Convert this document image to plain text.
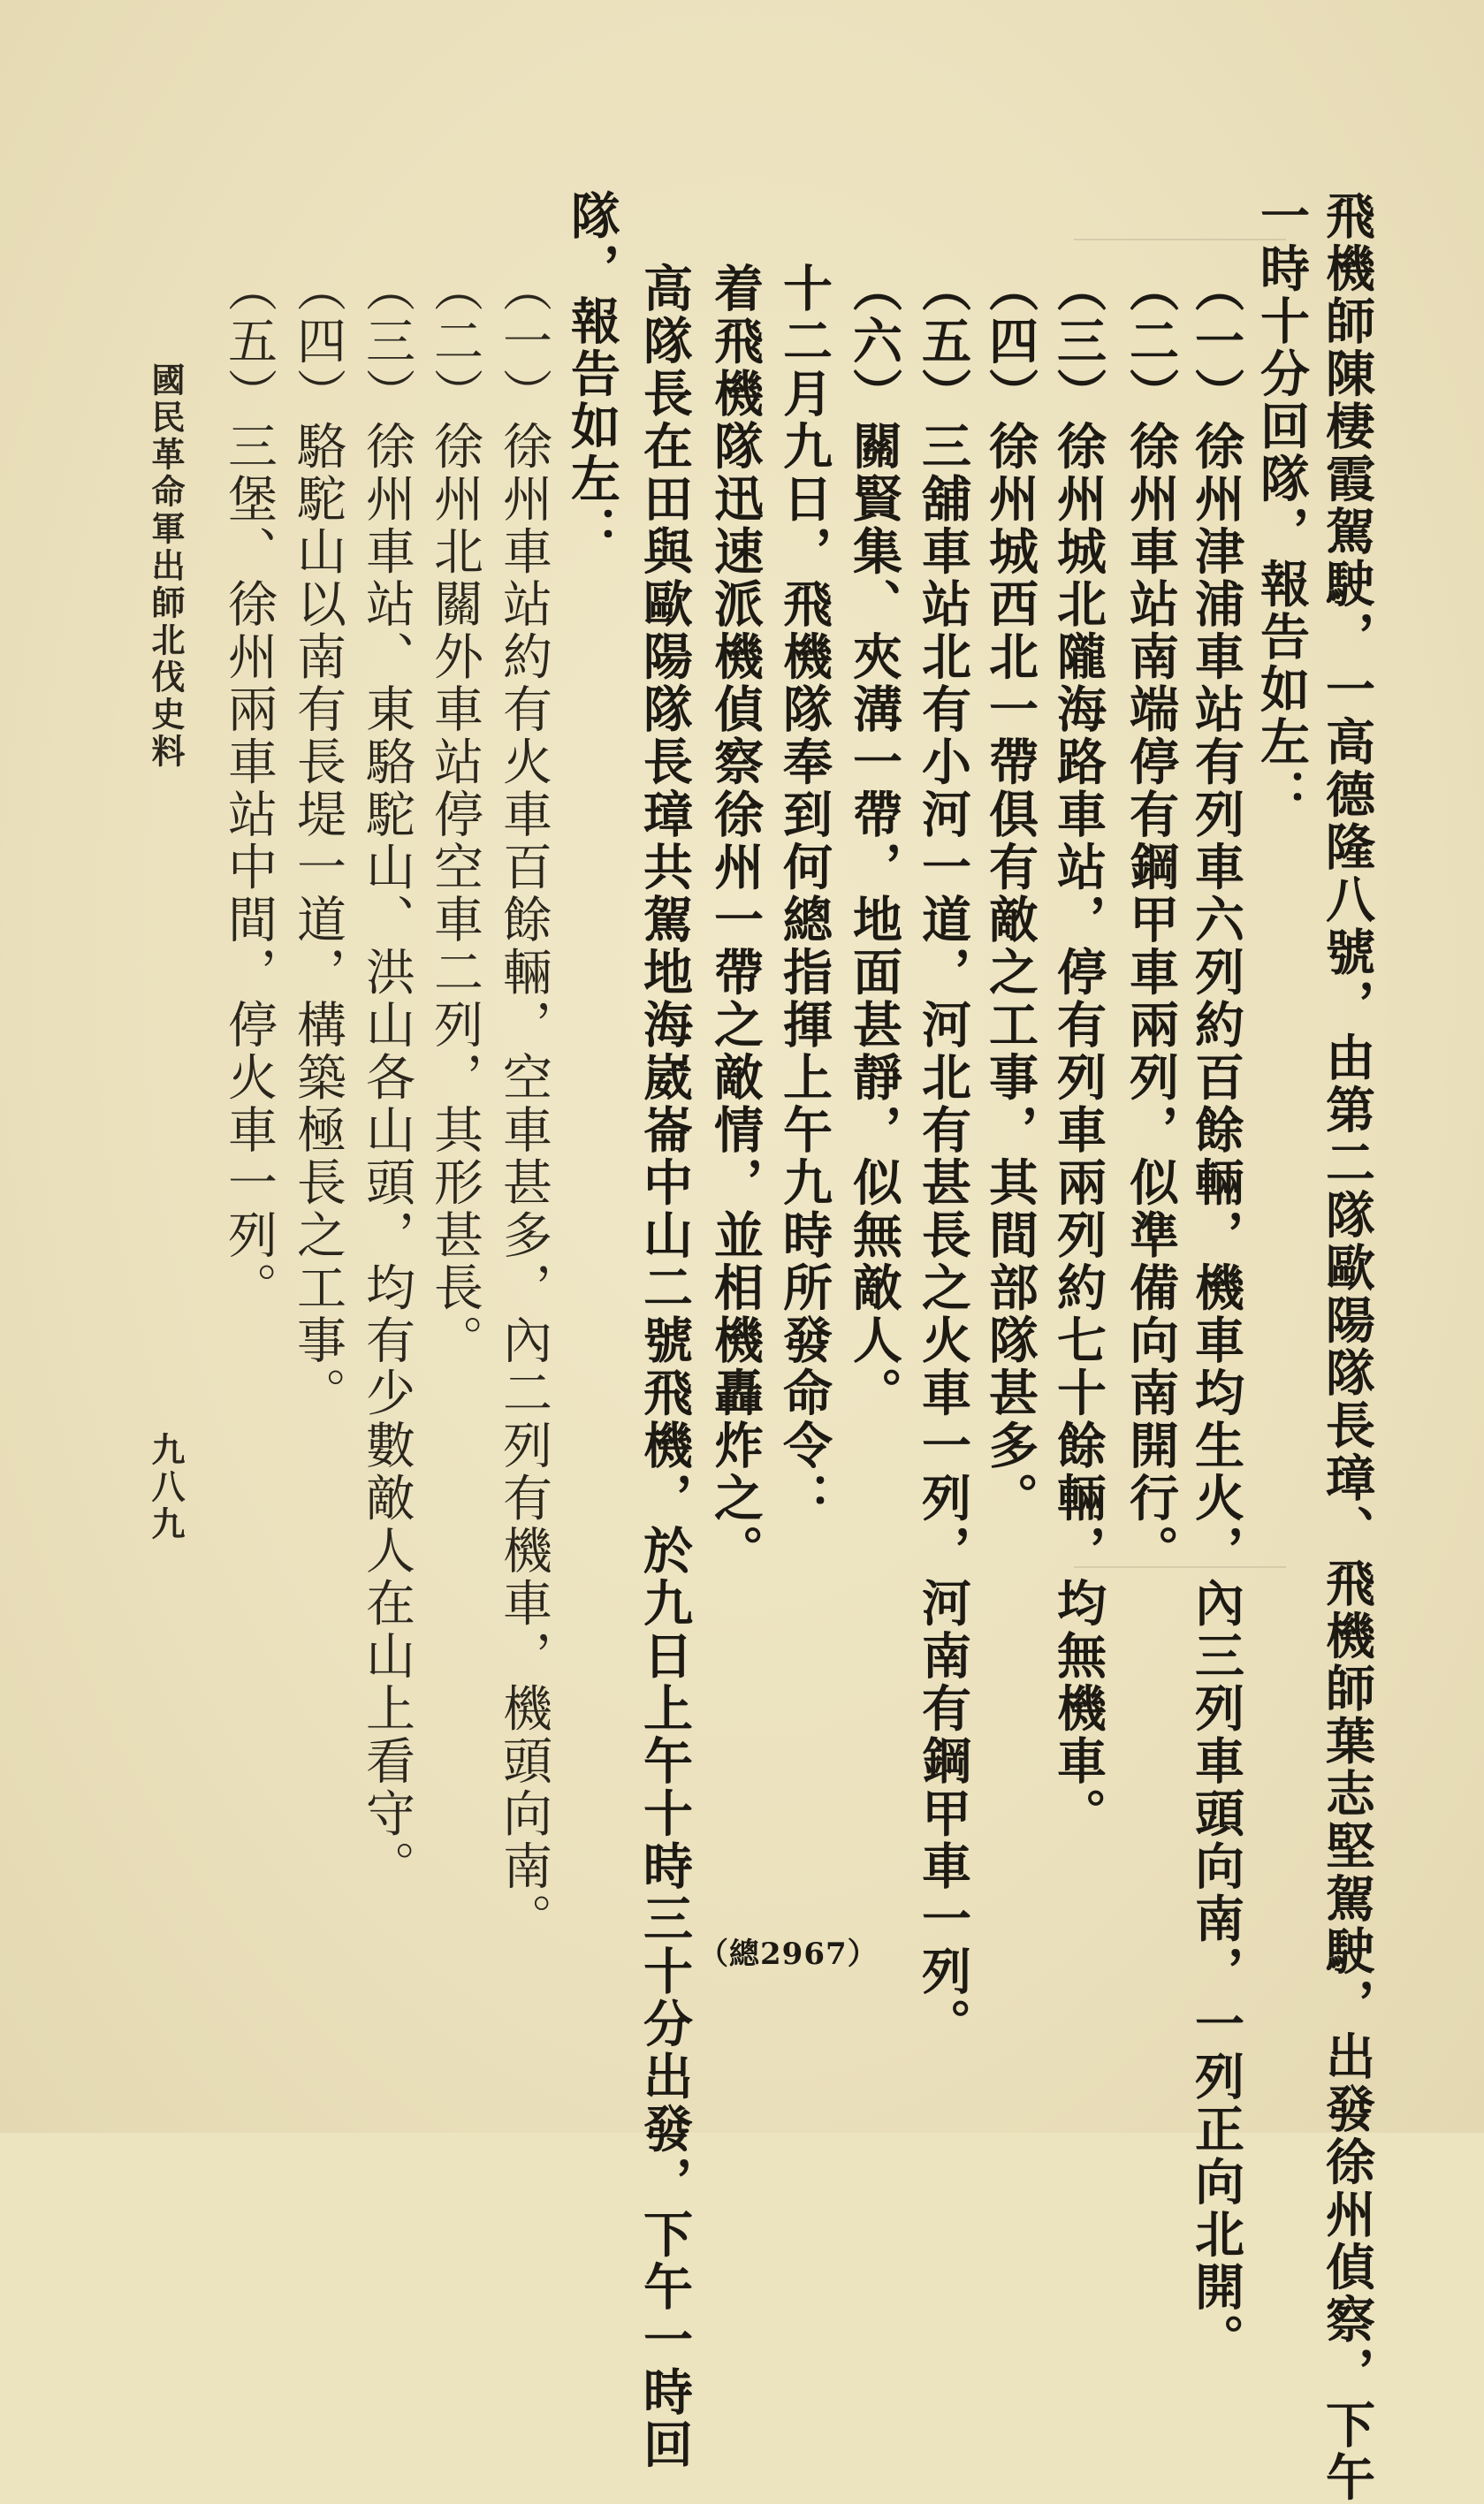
飛機師陳棲霞駕駛，一高德隆八號，由第二隊歐陽隊長璋、飛機師葉志堅駕駛，出發徐州偵察，下午
一時十分回隊，報告如左：
（一）徐州津浦車站有列車六列約百餘輛，機車均生火，內三列車頭向南，一列正向北開。
（二）徐州車站南端停有鋼甲車兩列，似準備向南開行。
（三）徐州城北隴海路車站，停有列車兩列約七十餘輛，均無機車。
（四）徐州城西北一帶俱有敵之工事，其間部隊甚多。
（五）三舖車站北有小河一道，河北有甚長之火車一列，河南有鋼甲車一列。
（六）關賢集、夾溝一帶，地面甚靜，似無敵人。
十二月九日，飛機隊奉到何總指揮上午九時所發命令：
着飛機隊迅速派機偵察徐州一帶之敵情，並相機轟炸之。
高隊長在田與歐陽隊長璋共駕地海崴崙中山二號飛機，於九日上午十時三十分出發，下午一時回
隊，報告如左：
（一）徐州車站約有火車百餘輛，空車甚多，內二列有機車，機頭向南。
（二）徐州北關外車站停空車二列，其形甚長。
（三）徐州車站、東駱駝山、洪山各山頭，均有少數敵人在山上看守。
（四）駱駝山以南有長堤一道，構築極長之工事。
（五）三堡、徐州兩車站中間，停火車一列。
國民革命軍出師北伐史料
九八九
（總2967）
